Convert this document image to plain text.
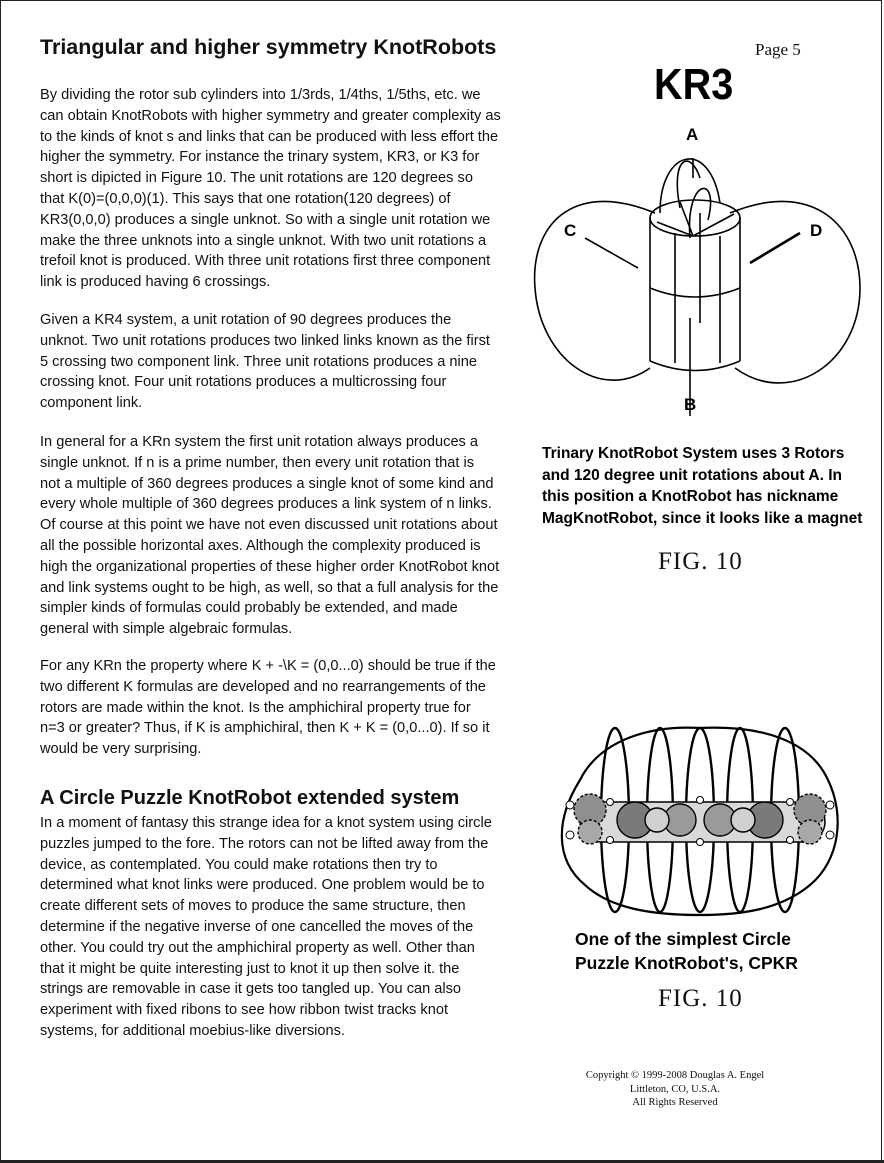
Triangular and higher symmetry KnotRobots

By dividing the rotor sub cylinders into 1/3rds, 1/4ths, 1/5ths, etc. we
can obtain KnotRobots with higher symmetry and greater complexity as
to the kinds of knot s and links that can be produced with less effort the
higher the symmetry. For instance the trinary system, KR3, or K3 for
short is dipicted in Figure 10. The unit rotations are 120 degrees so
that K(0)=(0,0,0)(1). This says that one rotation(120 degrees) of
KR3(0,0,0) produces a single unknot. So with a single unit rotation we
make the three unknots into a single unknot. With two unit rotations a
trefoil knot is produced. With three unit rotations first three component
link is produced having 6 crossings.

Given a KR4 system, a unit rotation of 90 degrees produces the
unknot. Two unit rotations produces two linked links known as the first
5 crossing two component link. Three unit rotations produces a nine
crossing knot. Four unit rotations produces a multicrossing four
component link.

In general for a KRn system the first unit rotation always produces a
single unknot. If n is a prime number, then every unit rotation that is
not a multiple of 360 degrees produces a single knot of some kind and
every whole multiple of 360 degrees produces a link system of n links.
Of course at this point we have not even discussed unit rotations about
all the possible horizontal axes. Although the complexity produced is
high the organizational properties of these higher order KnotRobot knot
and link systems ought to be high, as well, so that a full analysis for the
simpler kinds of formulas could probably be extended, and made
general with simple algebraic formulas.

For any KRn the property where K + -\K = (0,0...0) should be true if the
two different K formulas are developed and no rearrangements of the
rotors are made within the knot. Is the amphichiral property true for
n=3 or greater? Thus, if K is amphichiral, then K + K = (0,0...0). If so it
would be very surprising.

A Circle Puzzle KnotRobot extended system

In a moment of fantasy this strange idea for a knot system using circle
puzzles jumped to the fore. The rotors can not be lifted away from the
device, as contemplated. You could make rotations then try to
determined what knot links were produced. One problem would be to
create different sets of moves to produce the same structure, then
determine if the negative inverse of one cancelled the moves of the
other. You could try out the amphichiral property as well. Other than
that it might be quite interesting just to knot it up then solve it. the
strings are removable in case it gets too tangled up. You can also
experiment with fixed ribons to see how ribbon twist tracks knot
systems, for additional moebius-like diversions.

Page 5
KR3
A
B
C	D
Trinary KnotRobot System uses 3 Rotors
and 120 degree unit rotations about A. In
this position a KnotRobot has nickname
MagKnotRobot, since it looks like a magnet
FIG. 10
One of the simplest Circle
Puzzle KnotRobot's, CPKR
FIG. 10
Copyright © 1999-2008 Douglas A. Engel
Littleton, CO, U.S.A.
All Rights Reserved
